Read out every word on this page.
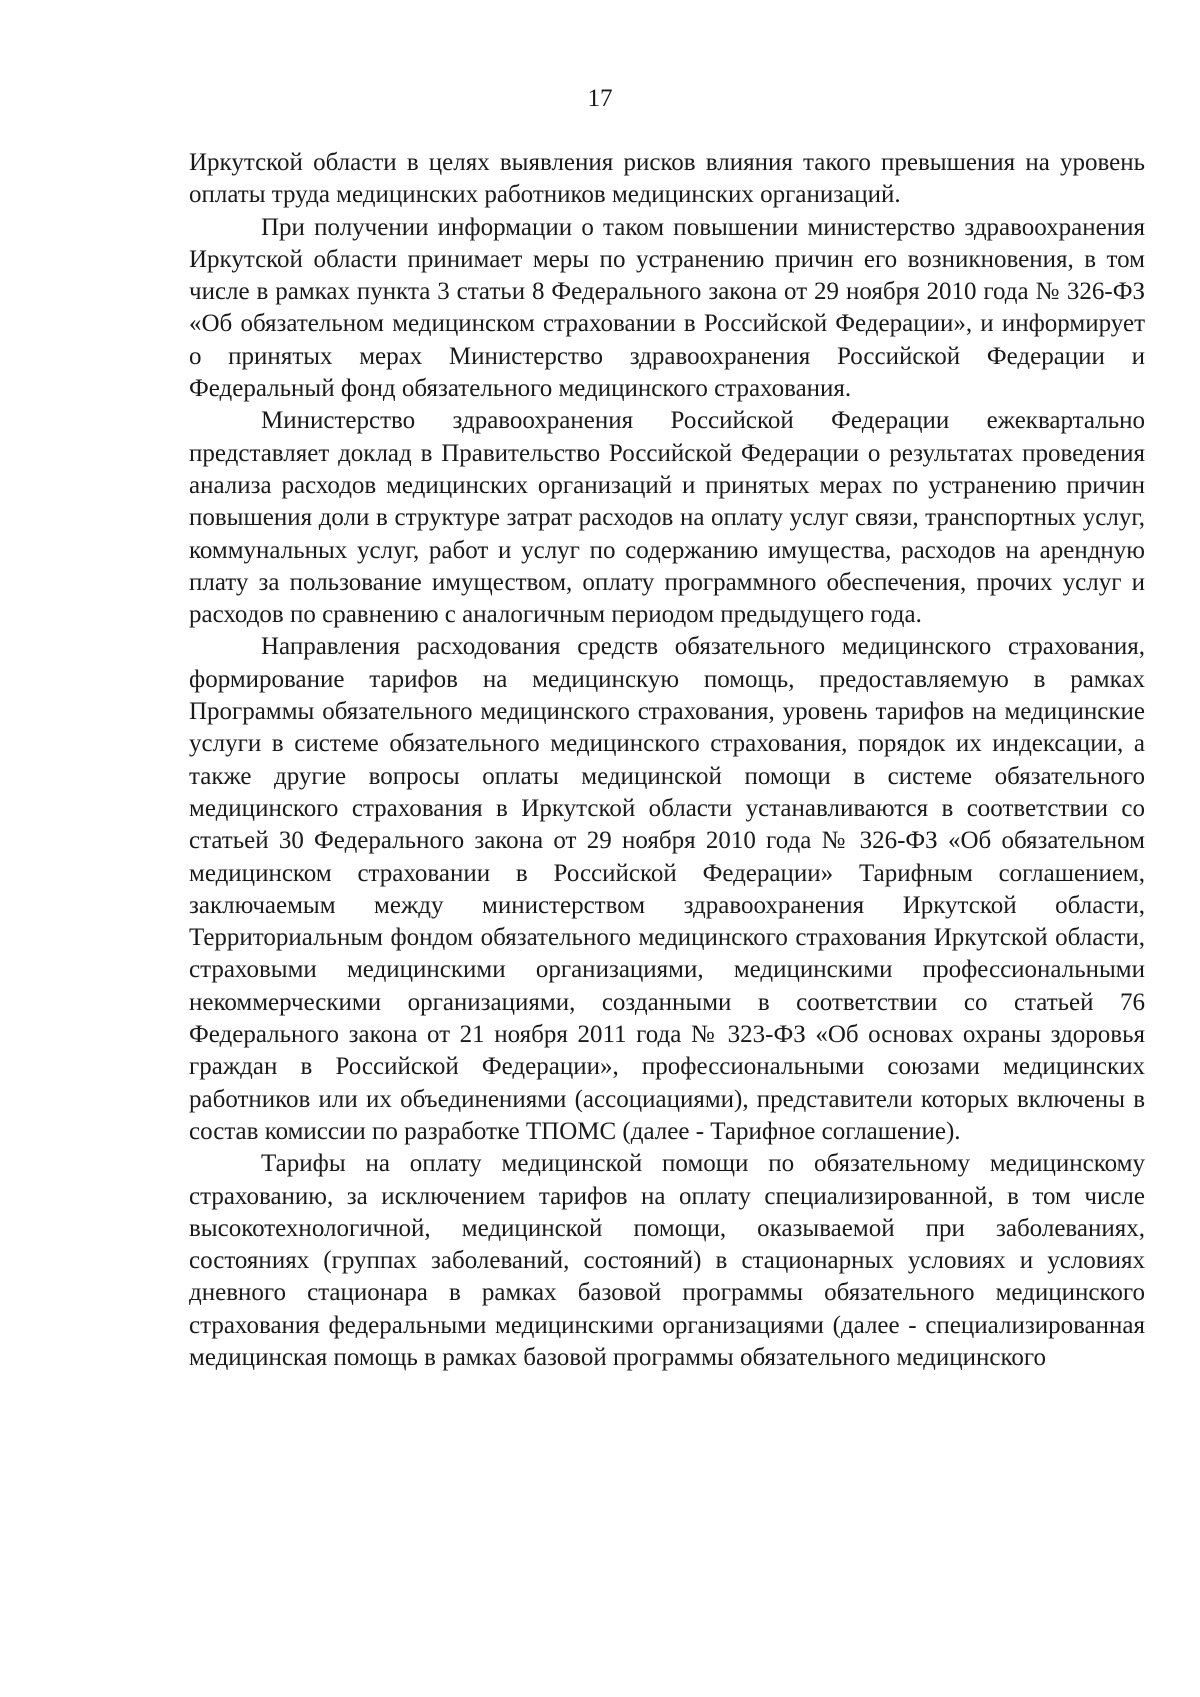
17

Иркутской области в целях выявления рисков влияния такого превышения на уровень оплаты труда медицинских работников медицинских организаций.

При получении информации о таком повышении министерство здравоохранения Иркутской области принимает меры по устранению причин его возникновения, в том числе в рамках пункта 3 статьи 8 Федерального закона от 29 ноября 2010 года № 326-ФЗ «Об обязательном медицинском страховании в Российской Федерации», и информирует о принятых мерах Министерство здравоохранения Российской Федерации и Федеральный фонд обязательного медицинского страхования.

Министерство здравоохранения Российской Федерации ежеквартально представляет доклад в Правительство Российской Федерации о результатах проведения анализа расходов медицинских организаций и принятых мерах по устранению причин повышения доли в структуре затрат расходов на оплату услуг связи, транспортных услуг, коммунальных услуг, работ и услуг по содержанию имущества, расходов на арендную плату за пользование имуществом, оплату программного обеспечения, прочих услуг и расходов по сравнению с аналогичным периодом предыдущего года.

Направления расходования средств обязательного медицинского страхования, формирование тарифов на медицинскую помощь, предоставляемую в рамках Программы обязательного медицинского страхования, уровень тарифов на медицинские услуги в системе обязательного медицинского страхования, порядок их индексации, а также другие вопросы оплаты медицинской помощи в системе обязательного медицинского страхования в Иркутской области устанавливаются в соответствии со статьей 30 Федерального закона от 29 ноября 2010 года № 326-ФЗ «Об обязательном медицинском страховании в Российской Федерации» Тарифным соглашением, заключаемым между министерством здравоохранения Иркутской области, Территориальным фондом обязательного медицинского страхования Иркутской области, страховыми медицинскими организациями, медицинскими профессиональными некоммерческими организациями, созданными в соответствии со статьей 76 Федерального закона от 21 ноября 2011 года № 323-ФЗ «Об основах охраны здоровья граждан в Российской Федерации», профессиональными союзами медицинских работников или их объединениями (ассоциациями), представители которых включены в состав комиссии по разработке ТПОМС (далее - Тарифное соглашение).

Тарифы на оплату медицинской помощи по обязательному медицинскому страхованию, за исключением тарифов на оплату специализированной, в том числе высокотехнологичной, медицинской помощи, оказываемой при заболеваниях, состояниях (группах заболеваний, состояний) в стационарных условиях и условиях дневного стационара в рамках базовой программы обязательного медицинского страхования федеральными медицинскими организациями (далее - специализированная медицинская помощь в рамках базовой программы обязательного медицинского
